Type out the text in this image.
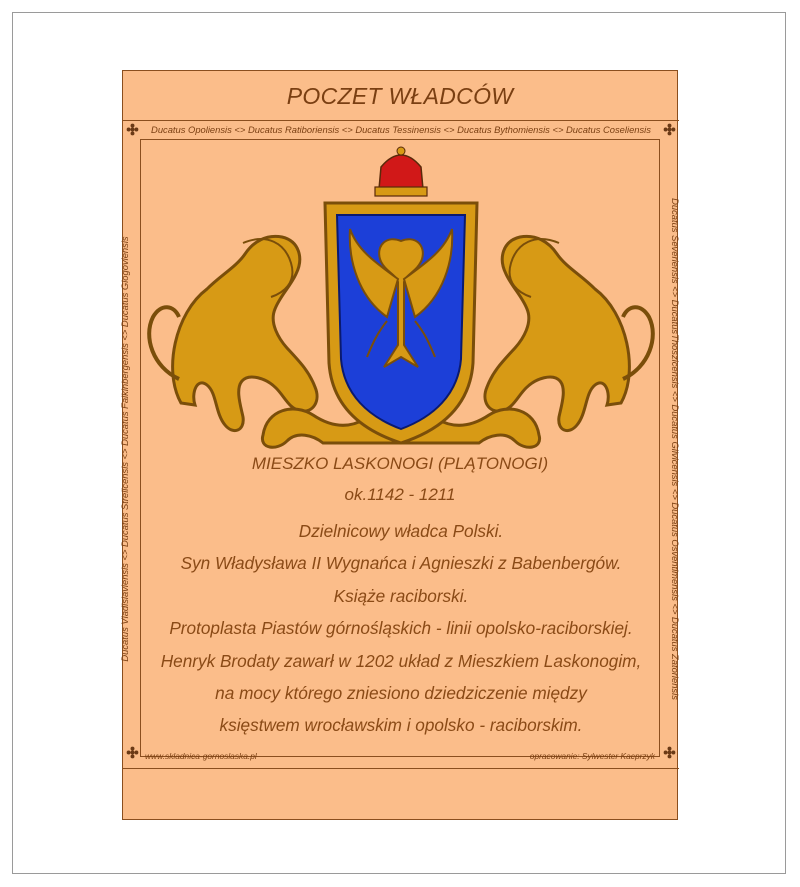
POCZET WŁADCÓW
Ducatus Opoliensis <> Ducatus Ratiboriensis <> Ducatus Tessinensis <> Ducatus Bythomiensis <> Ducatus Coseliensis
Ducatus Vladislaviensis <> Ducatus Strelicensis <> Ducatus Falkinbergensis <> Ducatus Glogoviensis	Ducatus Severiensis <> DucatusThoszicensis <> Ducatus Glivicensis <> Ducatus Osventimensis <> Ducatus Zatoriensis
MIESZKO LASKONOGI (PLĄTONOGI)
ok.1142 - 1211
Dzielnicowy władca Polski.
Syn Władysława II Wygnańca i Agnieszki z Babenbergów.
Książe raciborski.
Protoplasta Piastów górnośląskich - linii opolsko-raciborskiej.
Henryk Brodaty zawarł w 1202 układ z Mieszkiem Laskonogim,
na mocy którego zniesiono dziedziczenie między
księstwem wrocławskim i opolsko - raciborskim.
www.skladnica-gornoslaska.pl	opracowanie: Sylwester Kacprzyk
